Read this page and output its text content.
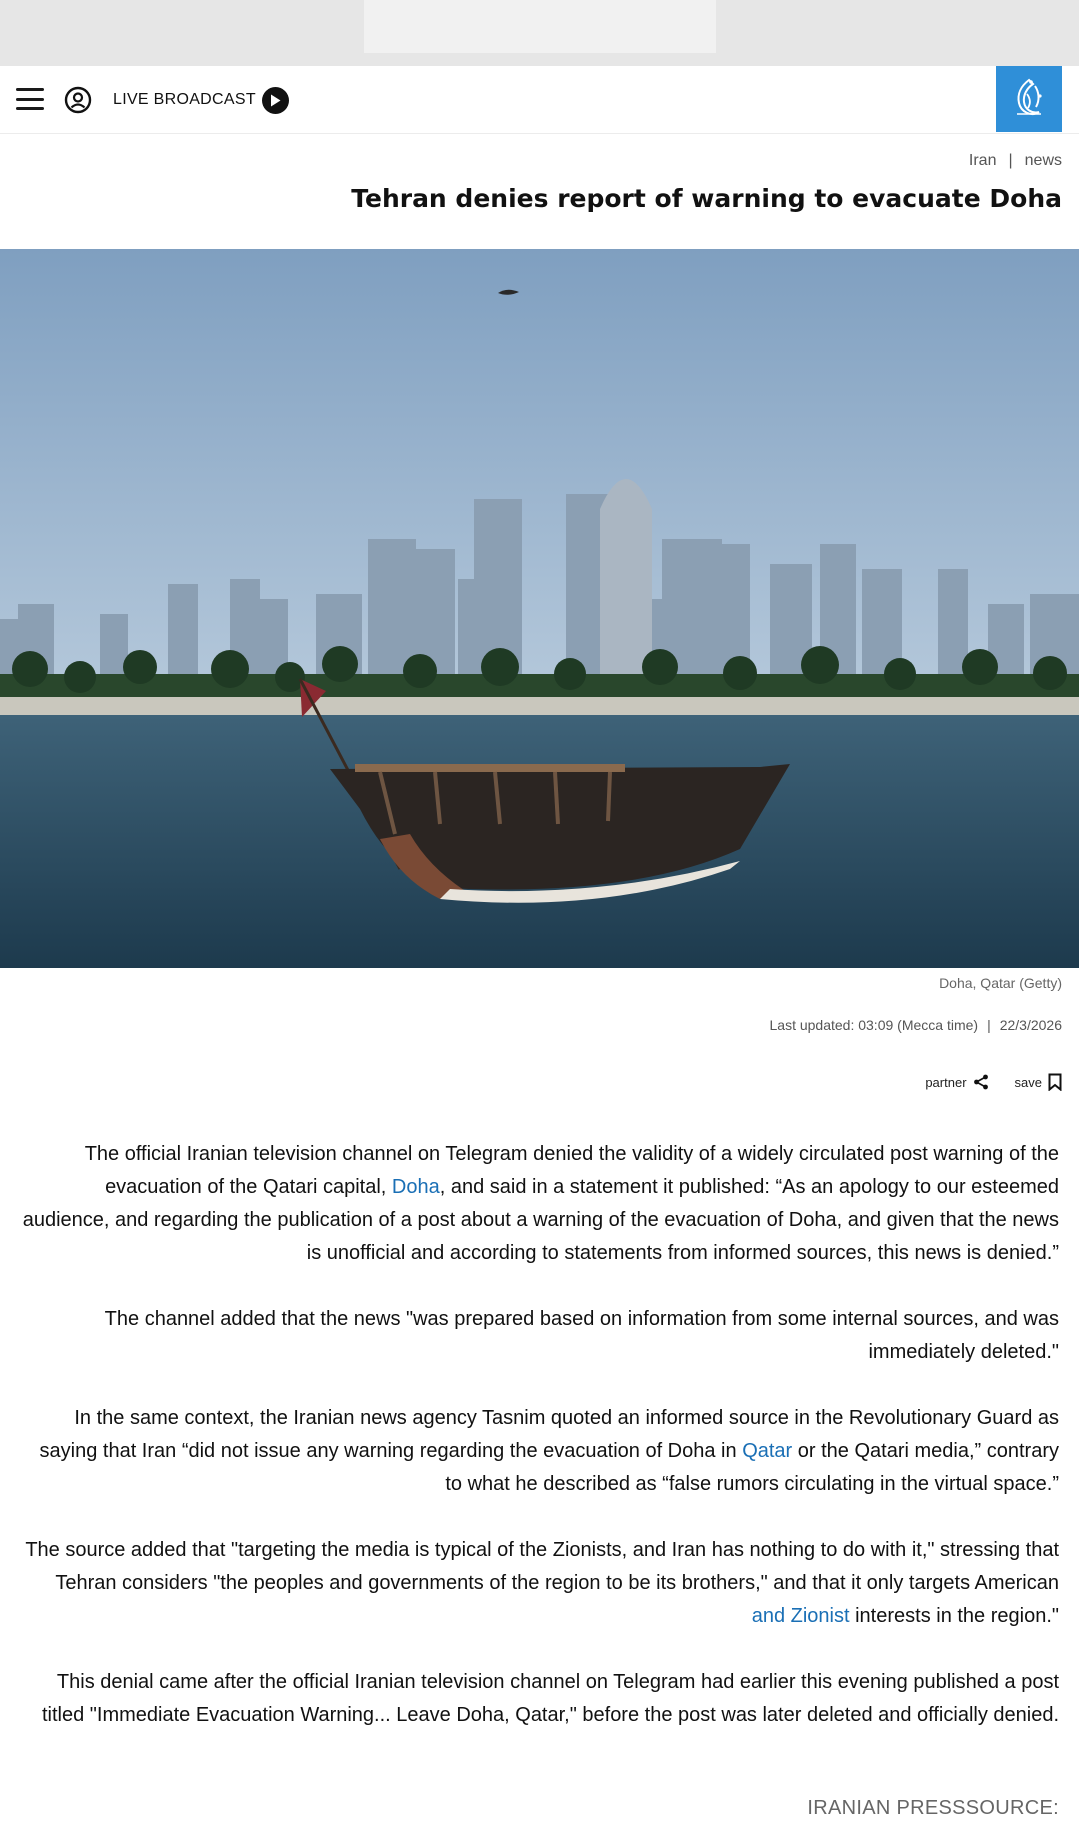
LIVE BROADCAST
Iran | news
Tehran denies report of warning to evacuate Doha
Doha, Qatar (Getty)
Last updated: 03:09 (Mecca time) | 22/3/2026
partner	save

The official Iranian television channel on Telegram denied the validity of a widely circulated post warning of the evacuation of the Qatari capital, Doha, and said in a statement it published: “As an apology to our esteemed audience, and regarding the publication of a post about a warning of the evacuation of Doha, and given that the news is unofficial and according to statements from informed sources, this news is denied.”

The channel added that the news "was prepared based on information from some internal sources, and was immediately deleted."

In the same context, the Iranian news agency Tasnim quoted an informed source in the Revolutionary Guard as saying that Iran “did not issue any warning regarding the evacuation of Doha in Qatar or the Qatari media,” contrary to what he described as “false rumors circulating in the virtual space.”

The source added that "targeting the media is typical of the Zionists, and Iran has nothing to do with it," stressing that Tehran considers "the peoples and governments of the region to be its brothers," and that it only targets American and Zionist interests in the region."

This denial came after the official Iranian television channel on Telegram had earlier this evening published a post titled "Immediate Evacuation Warning... Leave Doha, Qatar," before the post was later deleted and officially denied.

IRANIAN PRESSSOURCE:
